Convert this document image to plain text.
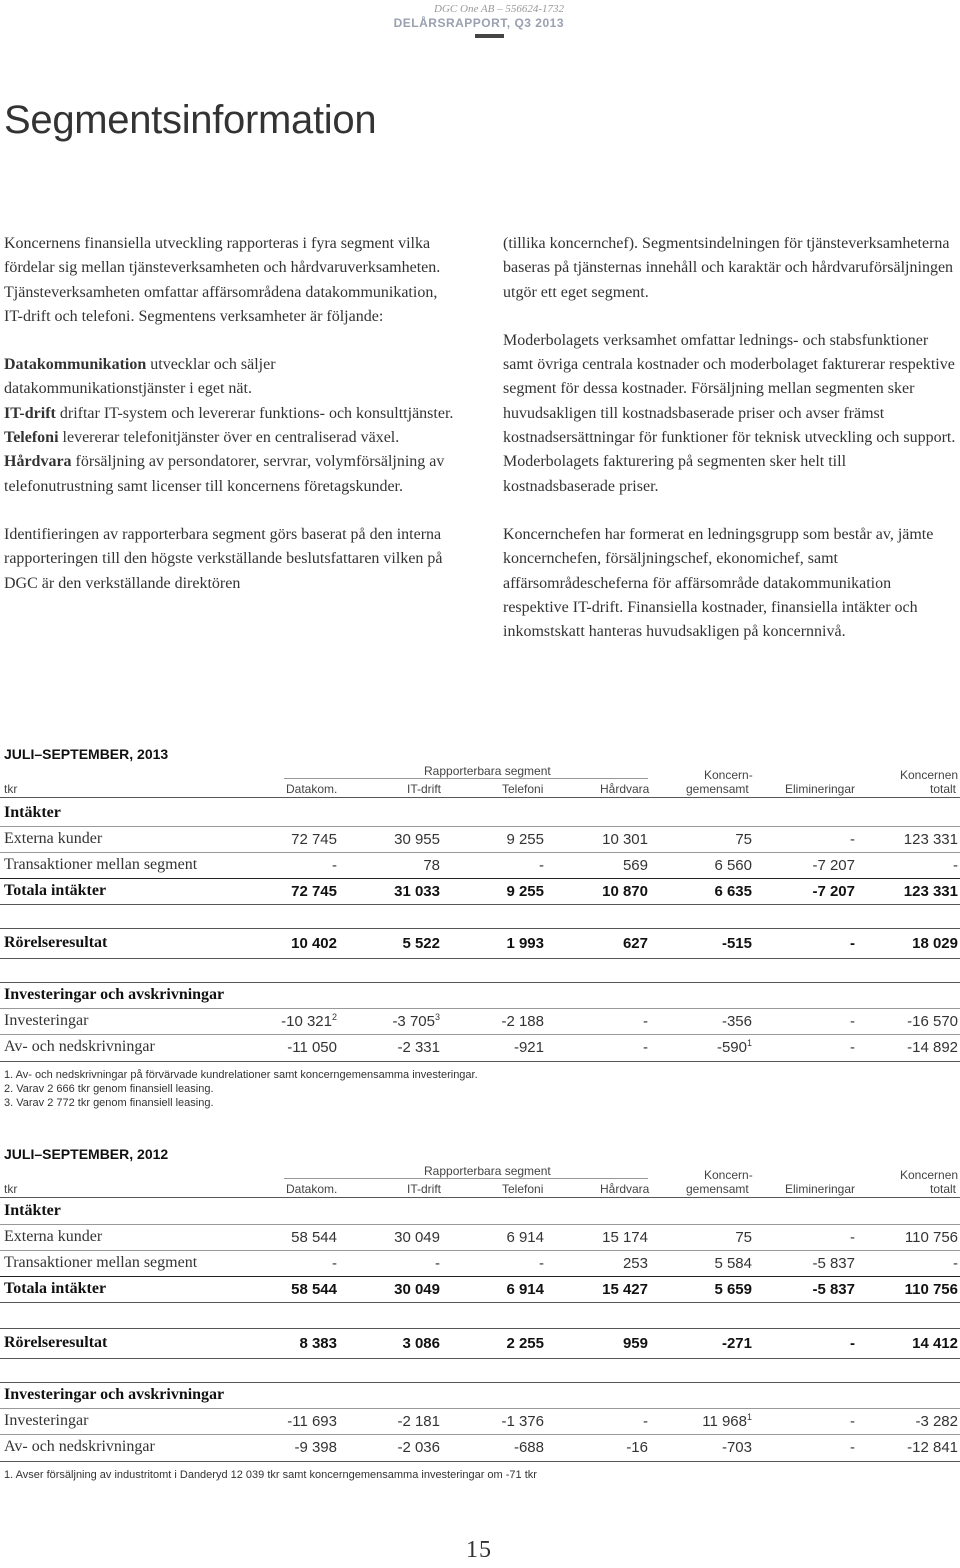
DGC One AB – 556624-1732
DELÅRSRAPPORT, Q3 2013
Segmentsinformation

Koncernens finansiella utveckling rapporteras i fyra segment vilka fördelar sig mellan tjänsteverksamheten och hårdvaruverksamheten. Tjänsteverksamheten omfattar affärsområdena datakommunikation, IT-drift och telefoni. Segmentens verksamheter är följande:

Datakommunikation utvecklar och säljer datakommunikationstjänster i eget nät.

IT-drift driftar IT-system och levererar funktions- och konsulttjänster.

Telefoni levererar telefonitjänster över en centraliserad växel.

Hårdvara försäljning av persondatorer, servrar, volymförsäljning av telefonutrustning samt licenser till koncernens företagskunder.

Identifieringen av rapporterbara segment görs baserat på den interna rapporteringen till den högste verkställande beslutsfattaren vilken på DGC är den verkställande direktören

(tillika koncernchef). Segmentsindelningen för tjänsteverksamheterna baseras på tjänsternas innehåll och karaktär och hårdvaruförsäljningen utgör ett eget segment.

Moderbolagets verksamhet omfattar lednings- och stabsfunktioner samt övriga centrala kostnader och moderbolaget fakturerar respektive segment för dessa kostnader. Försäljning mellan segmenten sker huvudsakligen till kostnadsbaserade priser och avser främst kostnadsersättningar för funktioner för teknisk utveckling och support. Moderbolagets fakturering på segmenten sker helt till kostnadsbaserade priser.

Koncernchefen har formerat en ledningsgrupp som består av, jämte koncernchefen, försäljningschef, ekonomichef, samt affärsområdescheferna för affärsområde datakommunikation respektive IT-drift. Finansiella kostnader, finansiella intäkter och inkomstskatt hanteras huvudsakligen på koncernnivå.

JULI–SEPTEMBER, 2013
Rapporterbara segment	Koncern-	Koncernen
tkr	Datakom.	IT-drift	Telefoni	Hårdvara	gemensamt	Elimineringar	totalt
Intäkter
Externa kunder	72 745	30 955	9 255	10 301	75	-	123 331
Transaktioner mellan segment	-	78	-	569	6 560	-7 207	-
Totala intäkter	72 745	31 033	9 255	10 870	6 635	-7 207	123 331
Rörelseresultat	10 402	5 522	1 993	627	-515	-	18 029
Investeringar och avskrivningar
Investeringar	-10 $321^2$	-3 $705^3$	-2 188	-	-356	-	-16 570
Av- och nedskrivningar	-11 050	-2 331	-921	-	$-590^1$	-	-14 892
1. Av- och nedskrivningar på förvärvade kundrelationer samt koncerngemensamma investeringar.
2. Varav 2 666 tkr genom finansiell leasing.
3. Varav 2 772 tkr genom finansiell leasing.
JULI–SEPTEMBER, 2012
Rapporterbara segment	Koncern-	Koncernen
tkr	Datakom.	IT-drift	Telefoni	Hårdvara	gemensamt	Elimineringar	totalt
Intäkter
Externa kunder	58 544	30 049	6 914	15 174	75	-	110 756
Transaktioner mellan segment	-	-	-	253	5 584	-5 837	-
Totala intäkter	58 544	30 049	6 914	15 427	5 659	-5 837	110 756
Rörelseresultat	8 383	3 086	2 255	959	-271	-	14 412
Investeringar och avskrivningar
Investeringar	-11 693	-2 181	-1 376	-	11 $968^1$	-	-3 282
Av- och nedskrivningar	-9 398	-2 036	-688	-16	-703	-	-12 841
1. Avser försäljning av industritomt i Danderyd 12 039 tkr samt koncerngemensamma investeringar om -71 tkr
15
